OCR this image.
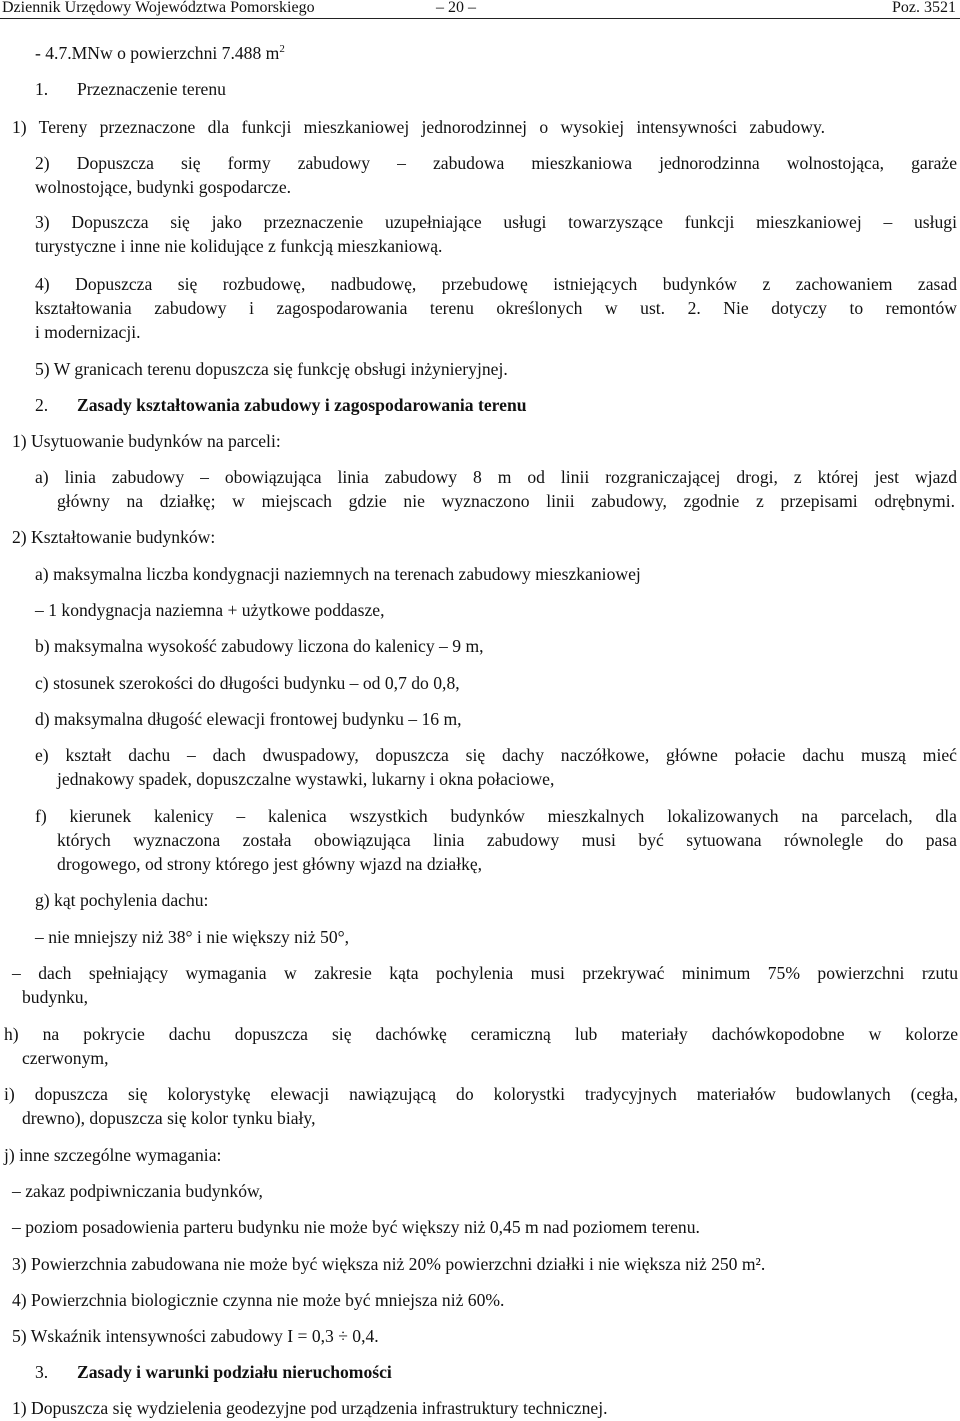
Dziennik Urzędowy Województwa Pomorskiego	– 20 –	Poz. 3521
- 4.7.MNw o powierzchni 7.488 $m^2$
1. Przeznaczenie terenu
1) Tereny przeznaczone dla funkcji mieszkaniowej jednorodzinnej o wysokiej intensywności zabudowy.
2) Dopuszcza się formy zabudowy – zabudowa mieszkaniowa jednorodzinna wolnostojąca, garaże
wolnostojące, budynki gospodarcze.
3) Dopuszcza się jako przeznaczenie uzupełniające usługi towarzyszące funkcji mieszkaniowej – usługi
turystyczne i inne nie kolidujące z funkcją mieszkaniową.
4) Dopuszcza się rozbudowę, nadbudowę, przebudowę istniejących budynków z zachowaniem zasad
kształtowania zabudowy i zagospodarowania terenu określonych w ust. 2. Nie dotyczy to remontów
i modernizacji.
5) W granicach terenu dopuszcza się funkcję obsługi inżynieryjnej.
2. Zasady kształtowania zabudowy i zagospodarowania terenu
1) Usytuowanie budynków na parceli:
a) linia zabudowy – obowiązująca linia zabudowy 8 m od linii rozgraniczającej drogi, z której jest wjazd
główny na działkę; w miejscach gdzie nie wyznaczono linii zabudowy, zgodnie z przepisami odrębnymi.
2) Kształtowanie budynków:
a) maksymalna liczba kondygnacji naziemnych na terenach zabudowy mieszkaniowej
– 1 kondygnacja naziemna + użytkowe poddasze,
b) maksymalna wysokość zabudowy liczona do kalenicy – 9 m,
c) stosunek szerokości do długości budynku – od 0,7 do 0,8,
d) maksymalna długość elewacji frontowej budynku – 16 m,
e) kształt dachu – dach dwuspadowy, dopuszcza się dachy naczółkowe, główne połacie dachu muszą mieć
jednakowy spadek, dopuszczalne wystawki, lukarny i okna połaciowe,
f) kierunek kalenicy – kalenica wszystkich budynków mieszkalnych lokalizowanych na parcelach, dla
których wyznaczona została obowiązująca linia zabudowy musi być sytuowana równolegle do pasa
drogowego, od strony którego jest główny wjazd na działkę,
g) kąt pochylenia dachu:
– nie mniejszy niż 38° i nie większy niż 50°,
– dach spełniający wymagania w zakresie kąta pochylenia musi przekrywać minimum 75% powierzchni rzutu
budynku,
h) na pokrycie dachu dopuszcza się dachówkę ceramiczną lub materiały dachówkopodobne w kolorze
czerwonym,
i) dopuszcza się kolorystykę elewacji nawiązującą do kolorystki tradycyjnych materiałów budowlanych (cegła,
drewno), dopuszcza się kolor tynku biały,
j) inne szczególne wymagania:
– zakaz podpiwniczania budynków,
– poziom posadowienia parteru budynku nie może być większy niż 0,45 m nad poziomem terenu.
3) Powierzchnia zabudowana nie może być większa niż 20% powierzchni działki i nie większa niż 250 m².
4) Powierzchnia biologicznie czynna nie może być mniejsza niż 60%.
5) Wskaźnik intensywności zabudowy I = 0,3 ÷ 0,4.
3. Zasady i warunki podziału nieruchomości
1) Dopuszcza się wydzielenia geodezyjne pod urządzenia infrastruktury technicznej.
